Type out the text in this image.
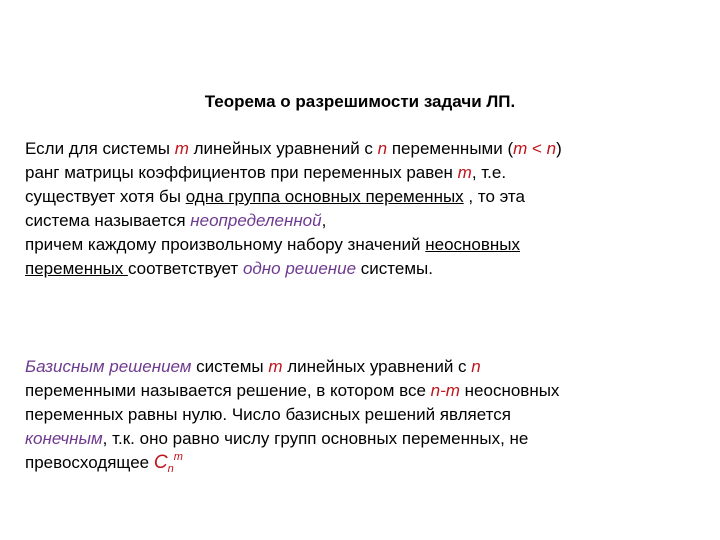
Теорема о разрешимости задачи ЛП.
Если для системы m линейных уравнений с n переменными (m < n)
ранг матрицы коэффициентов при переменных равен m, т.е.
существует хотя бы одна группа основных переменных , то эта
система называется неопределенной,
причем каждому произвольному набору значений неосновных
переменных соответствует одно решение системы.
Базисным решением системы m линейных уравнений с n
переменными называется решение, в котором все n-m неосновных
переменных равны нулю. Число базисных решений является
конечным, т.к. оно равно числу групп основных переменных, не
превосходящее $C_n^m$
